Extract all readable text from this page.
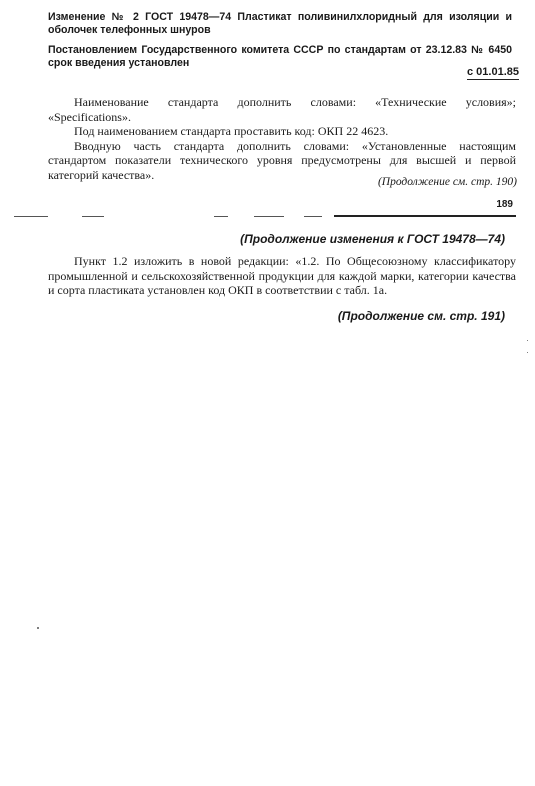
Изменение № 2 ГОСТ 19478—74 Пластикат поливинилхлоридный для изоляции и оболочек телефонных шнуров
Постановлением Государственного комитета СССР по стандартам от 23.12.83 № 6450 срок введения установлен
с 01.01.85

Наименование стандарта дополнить словами: «Технические условия»; «Specifications».

Под наименованием стандарта проставить код: ОКП 22 4623.

Вводную часть стандарта дополнить словами: «Установленные настоящим стандартом показатели технического уровня предусмотрены для высшей и первой категорий качества».

(Продолжение см. стр. 190)
189
(Продолжение изменения к ГОСТ 19478—74)

Пункт 1.2 изложить в новой редакции: «1.2. По Общесоюзному классификатору промышленной и сельскохозяйственной продукции для каждой марки, категории качества и сорта пластиката установлен код ОКП в соответствии с табл. 1а.

(Продолжение см. стр. 191)
